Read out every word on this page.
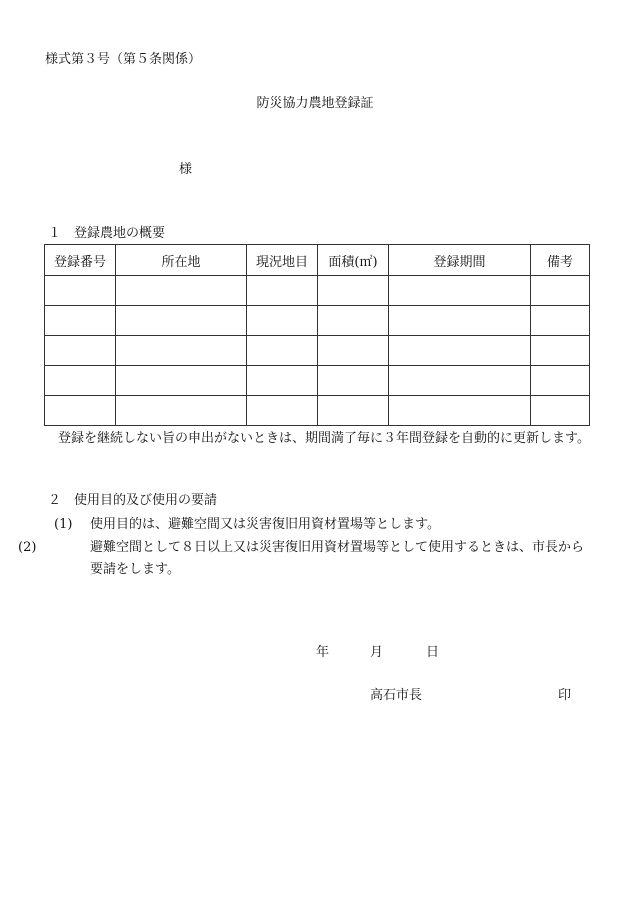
様式第３号（第５条関係）
防災協力農地登録証
様
１ 登録農地の概要
登録番号	所在地	現況地目	面積(㎡)	登録期間	備考

登録を継続しない旨の申出がないときは、期間満了毎に３年間登録を自動的に更新します。
２ 使用目的及び使用の要請
(1) 使用目的は、避難空間又は災害復旧用資材置場等とします。
(2)	避難空間として８日以上又は災害復旧用資材置場等として使用するときは、市長から要請をします。
年	月	日
高石市長	印
